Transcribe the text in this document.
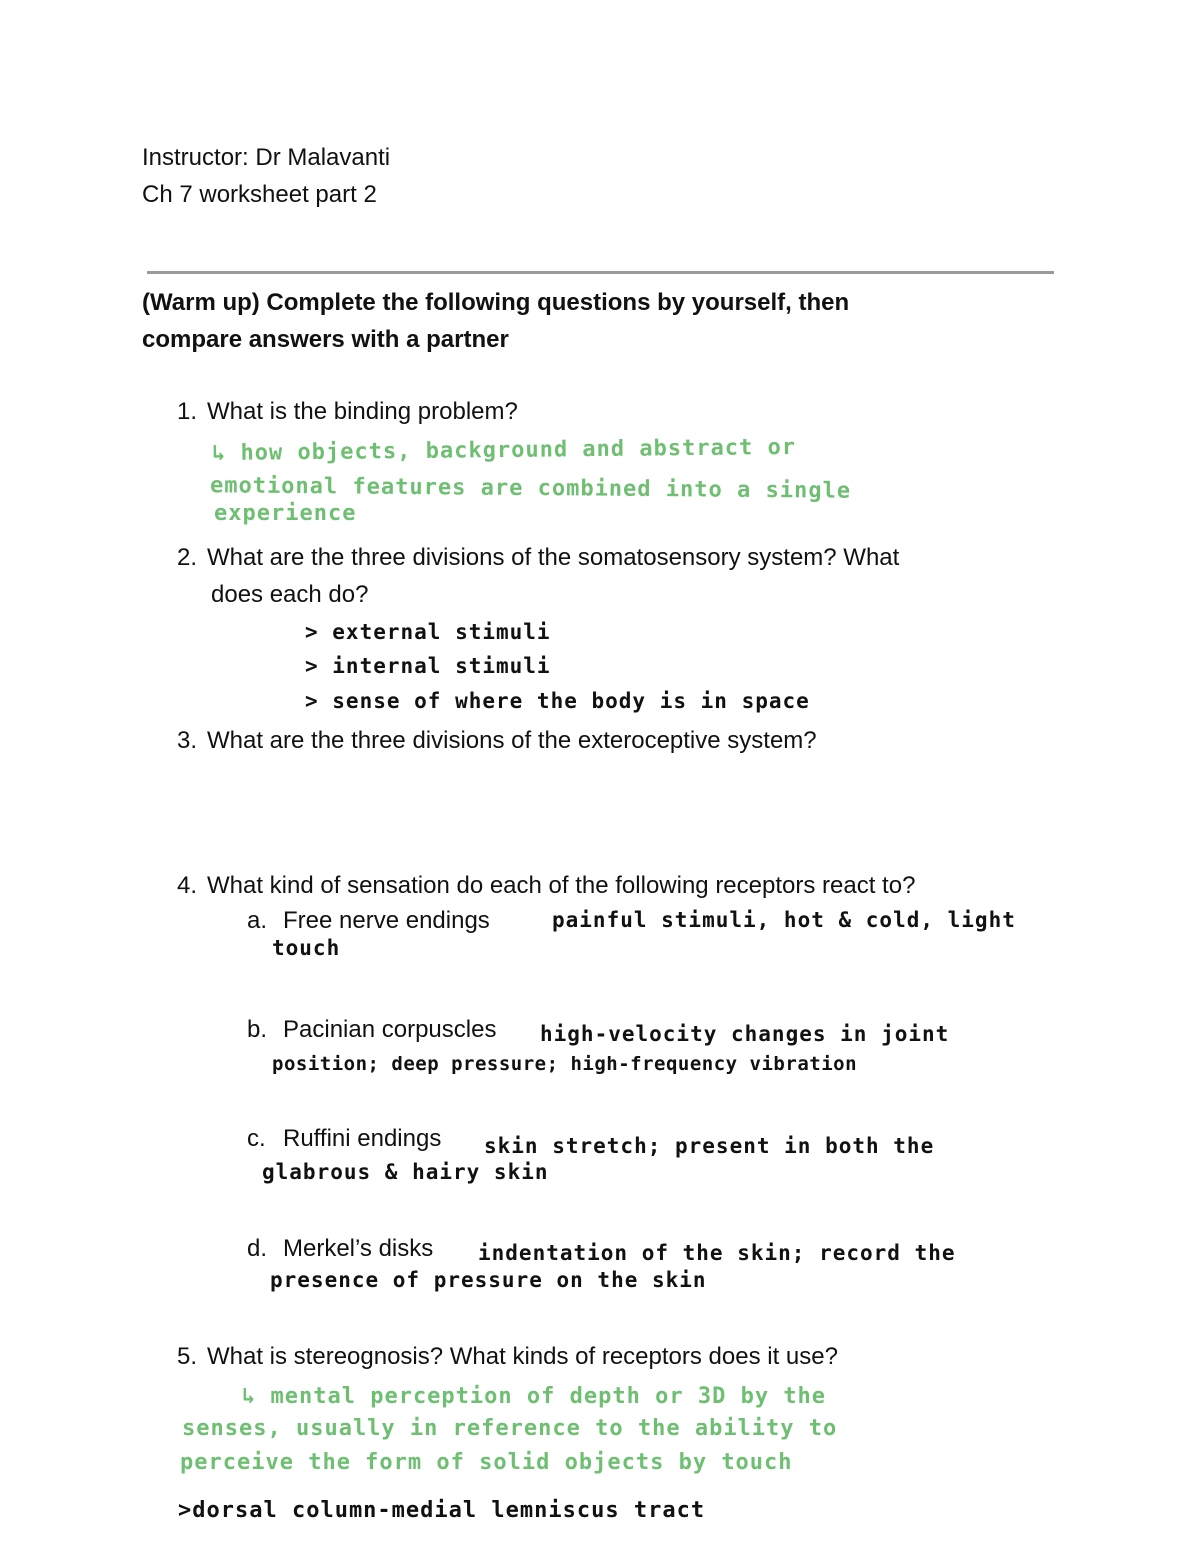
Instructor: Dr Malavanti
Ch 7 worksheet part 2
(Warm up) Complete the following questions by yourself, then
compare answers with a partner
1. What is the binding problem?
↳ how objects, background and abstract or
emotional features are combined into a single
experience
2. What are the three divisions of the somatosensory system? What
does each do?
> external stimuli
> internal stimuli
> sense of where the body is in space
3. What are the three divisions of the exteroceptive system?
4. What kind of sensation do each of the following receptors react to?
a. Free nerve endings	painful stimuli, hot & cold, light
touch
b. Pacinian corpuscles high-velocity changes in joint
position; deep pressure; high-frequency vibration
c. Ruffini endings skin stretch; present in both the
glabrous & hairy skin
d. Merkel’s disks indentation of the skin; record the
presence of pressure on the skin
5. What is stereognosis? What kinds of receptors does it use?
↳ mental perception of depth or 3D by the
senses, usually in reference to the ability to
perceive the form of solid objects by touch
>dorsal column-medial lemniscus tract
